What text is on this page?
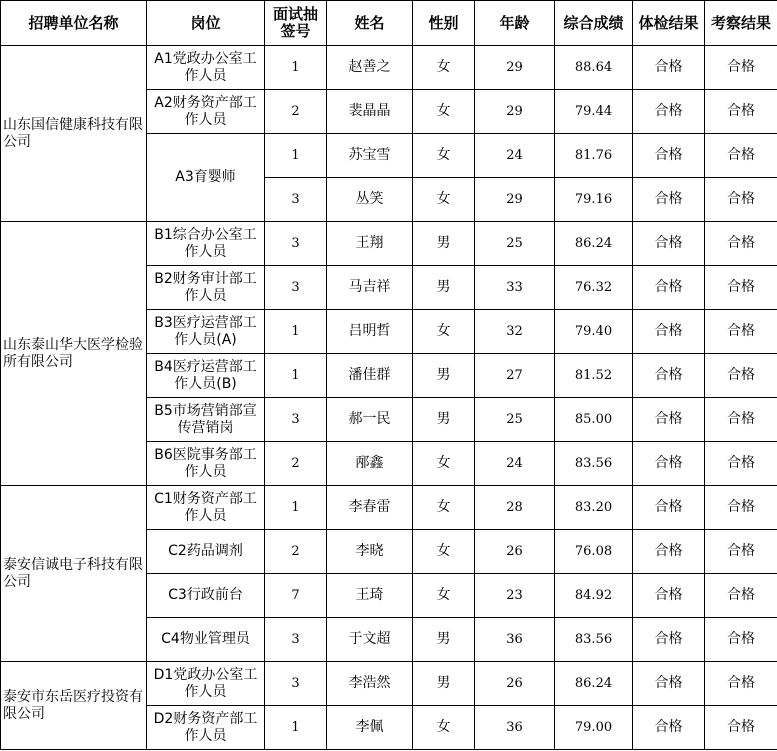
招聘单位名称	岗位	面试抽签号	姓名	性别	年龄	综合成绩	体检结果	考察结果
山东国信健康科技有限公司	A1党政办公室工作人员	1	赵善之	女	29	88.64	合格	合格
	A2财务资产部工作人员	2	裴晶晶	女	29	79.44	合格	合格
	A3育婴师	1	苏宝雪	女	24	81.76	合格	合格
		3	丛笑	女	29	79.16	合格	合格
山东泰山华大医学检验所有限公司	B1综合办公室工作人员	3	王翔	男	25	86.24	合格	合格
	B2财务审计部工作人员	3	马吉祥	男	33	76.32	合格	合格
	B3医疗运营部工作人员(A)	1	吕明哲	女	32	79.40	合格	合格
	B4医疗运营部工作人员(B)	1	潘佳群	男	27	81.52	合格	合格
	B5市场营销部宣传营销岗	3	郝一民	男	25	85.00	合格	合格
	B6医院事务部工作人员	2	邴鑫	女	24	83.56	合格	合格
泰安信诚电子科技有限公司	C1财务资产部工作人员	1	李春雷	女	28	83.20	合格	合格
	C2药品调剂	2	李晓	女	26	76.08	合格	合格
	C3行政前台	7	王琦	女	23	84.92	合格	合格
	C4物业管理员	3	于文超	男	36	83.56	合格	合格
泰安市东岳医疗投资有限公司	D1党政办公室工作人员	3	李浩然	男	26	86.24	合格	合格
	D2财务资产部工作人员	1	李佩	女	36	79.00	合格	合格
